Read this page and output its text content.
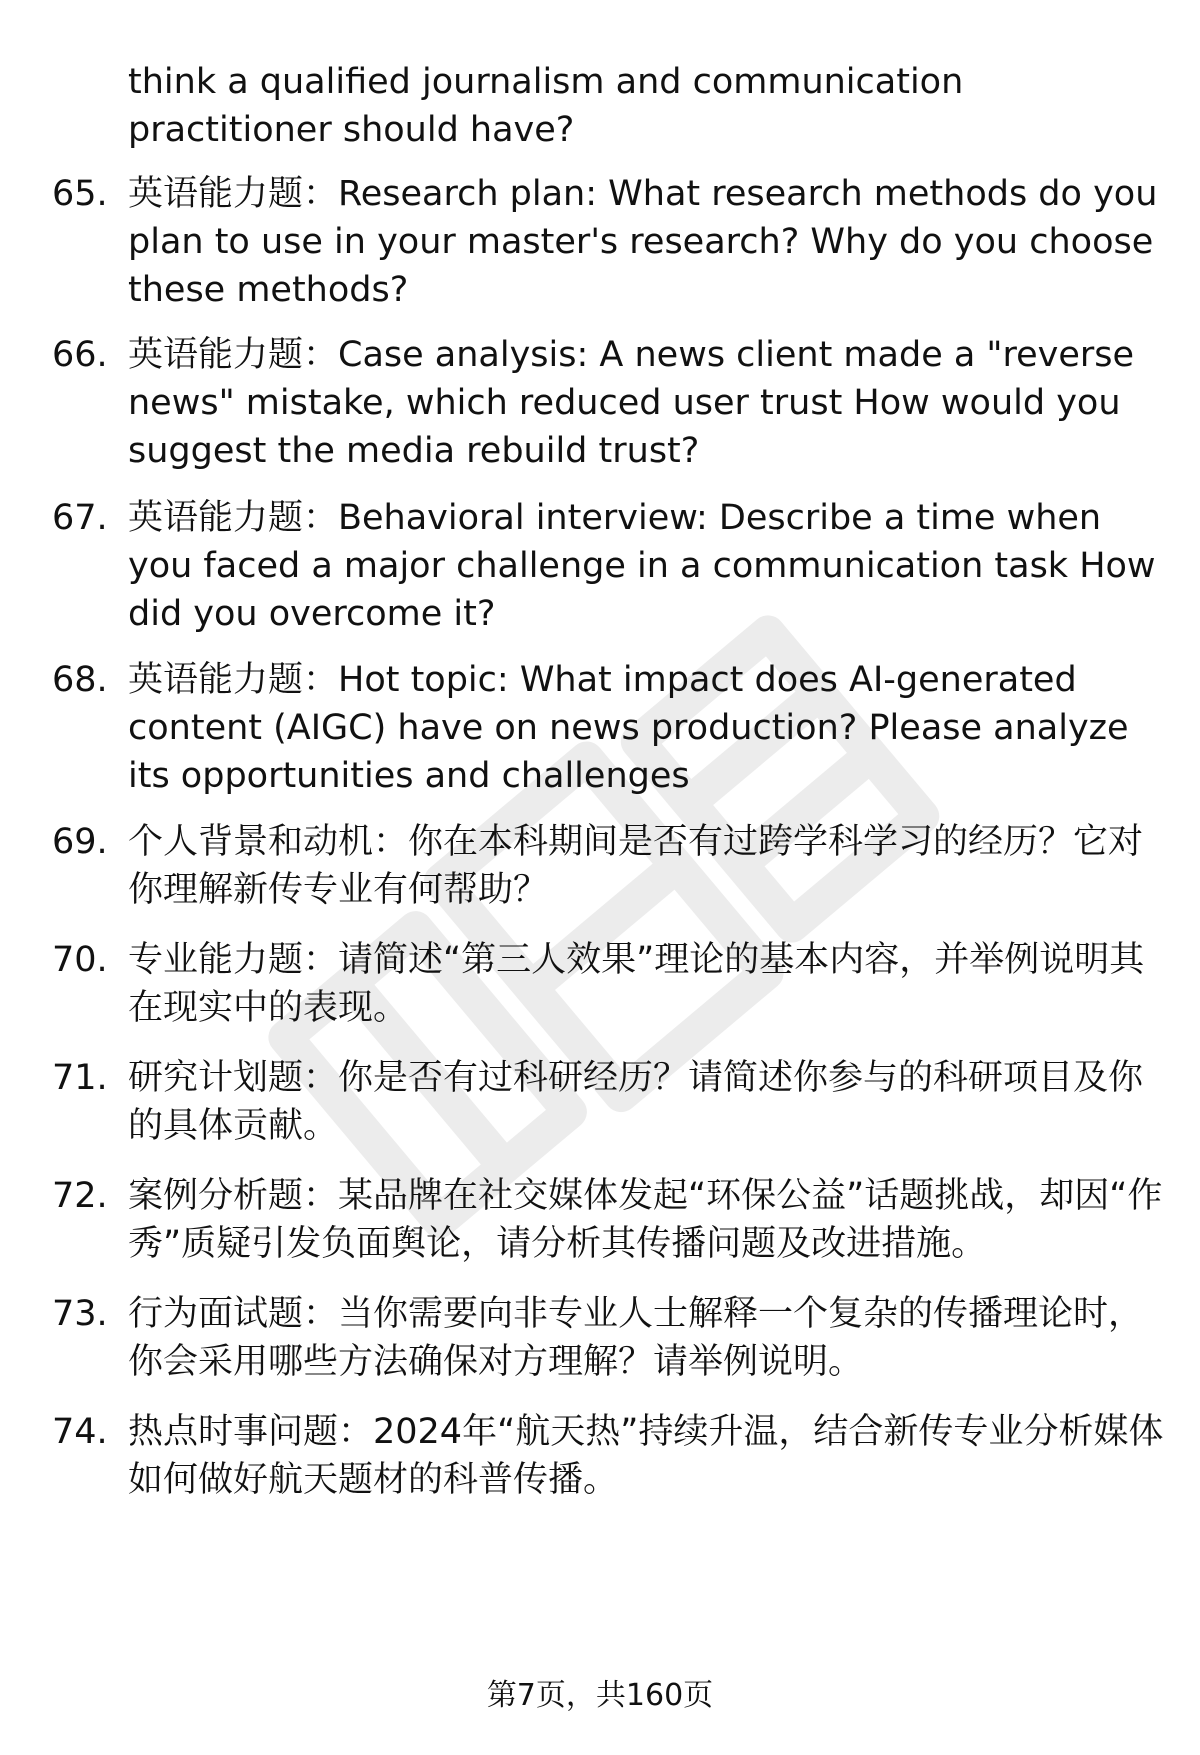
think a qualified journalism and communication practitioner should have?
65. 英语能力题：Research plan: What research methods do you plan to use in your master's research? Why do you choose these methods?
66. 英语能力题：Case analysis: A news client made a "reverse news" mistake, which reduced user trust How would you suggest the media rebuild trust?
67. 英语能力题：Behavioral interview: Describe a time when you faced a major challenge in a communication task How did you overcome it?
68. 英语能力题：Hot topic: What impact does AI-generated content (AIGC) have on news production? Please analyze its opportunities and challenges
69. 个人背景和动机：你在本科期间是否有过跨学科学习的经历？它对你理解新传专业有何帮助？
70. 专业能力题：请简述“第三人效果”理论的基本内容，并举例说明其在现实中的表现。
71. 研究计划题：你是否有过科研经历？请简述你参与的科研项目及你的具体贡献。
72. 案例分析题：某品牌在社交媒体发起“环保公益”话题挑战，却因“作秀”质疑引发负面舆论，请分析其传播问题及改进措施。
73. 行为面试题：当你需要向非专业人士解释一个复杂的传播理论时，你会采用哪些方法确保对方理解？请举例说明。
74. 热点时事问题：2024年“航天热”持续升温，结合新传专业分析媒体如何做好航天题材的科普传播。
第7页，共160页
